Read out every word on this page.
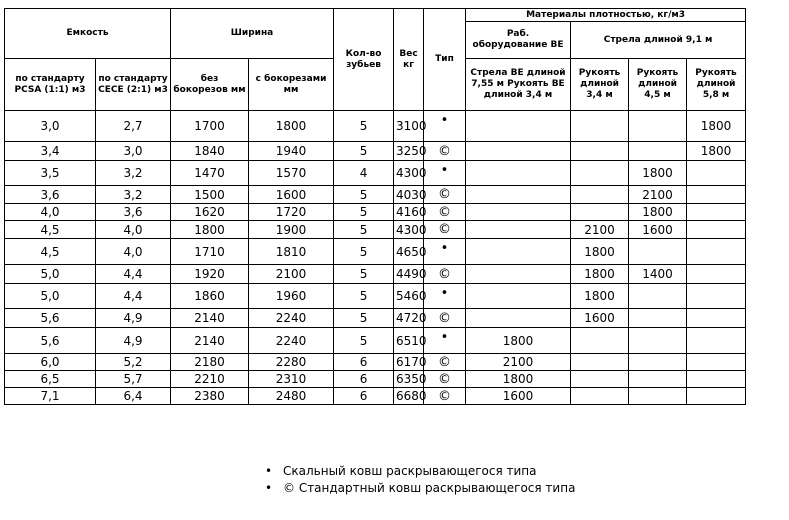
Емкость		Ширина		Кол-во зубьев	Вес кг	Тип	Материалы плотностью, кг/м3			
							Раб. оборудование ВЕ	Стрела длиной 9,1 м		
по стандарту PCSA (1:1) м3	по стандарту CECE (2:1) м3	без бокорезов мм	с бокорезами мм				Стрела ВЕ длиной 7,55 м Рукоять ВЕ длиной 3,4 м	Рукоять длиной 3,4 м	Рукоять длиной 4,5 м	Рукоять длиной 5,8 м
3,0	2,7	1700	1800	5	3100	•				1800
3,4	3,0	1840	1940	5	3250	©				1800
3,5	3,2	1470	1570	4	4300	•			1800	
3,6	3,2	1500	1600	5	4030	©			2100	
4,0	3,6	1620	1720	5	4160	©			1800	
4,5	4,0	1800	1900	5	4300	©		2100	1600	
4,5	4,0	1710	1810	5	4650	•		1800		
5,0	4,4	1920	2100	5	4490	©		1800	1400	
5,0	4,4	1860	1960	5	5460	•		1800		
5,6	4,9	2140	2240	5	4720	©		1600		
5,6	4,9	2140	2240	5	6510	•	1800			
6,0	5,2	2180	2280	6	6170	©	2100			
6,5	5,7	2210	2310	6	6350	©	1800			
7,1	6,4	2380	2480	6	6680	©	1600			
• Скальный ковш раскрывающегося типа
• © Стандартный ковш раскрывающегося типа
